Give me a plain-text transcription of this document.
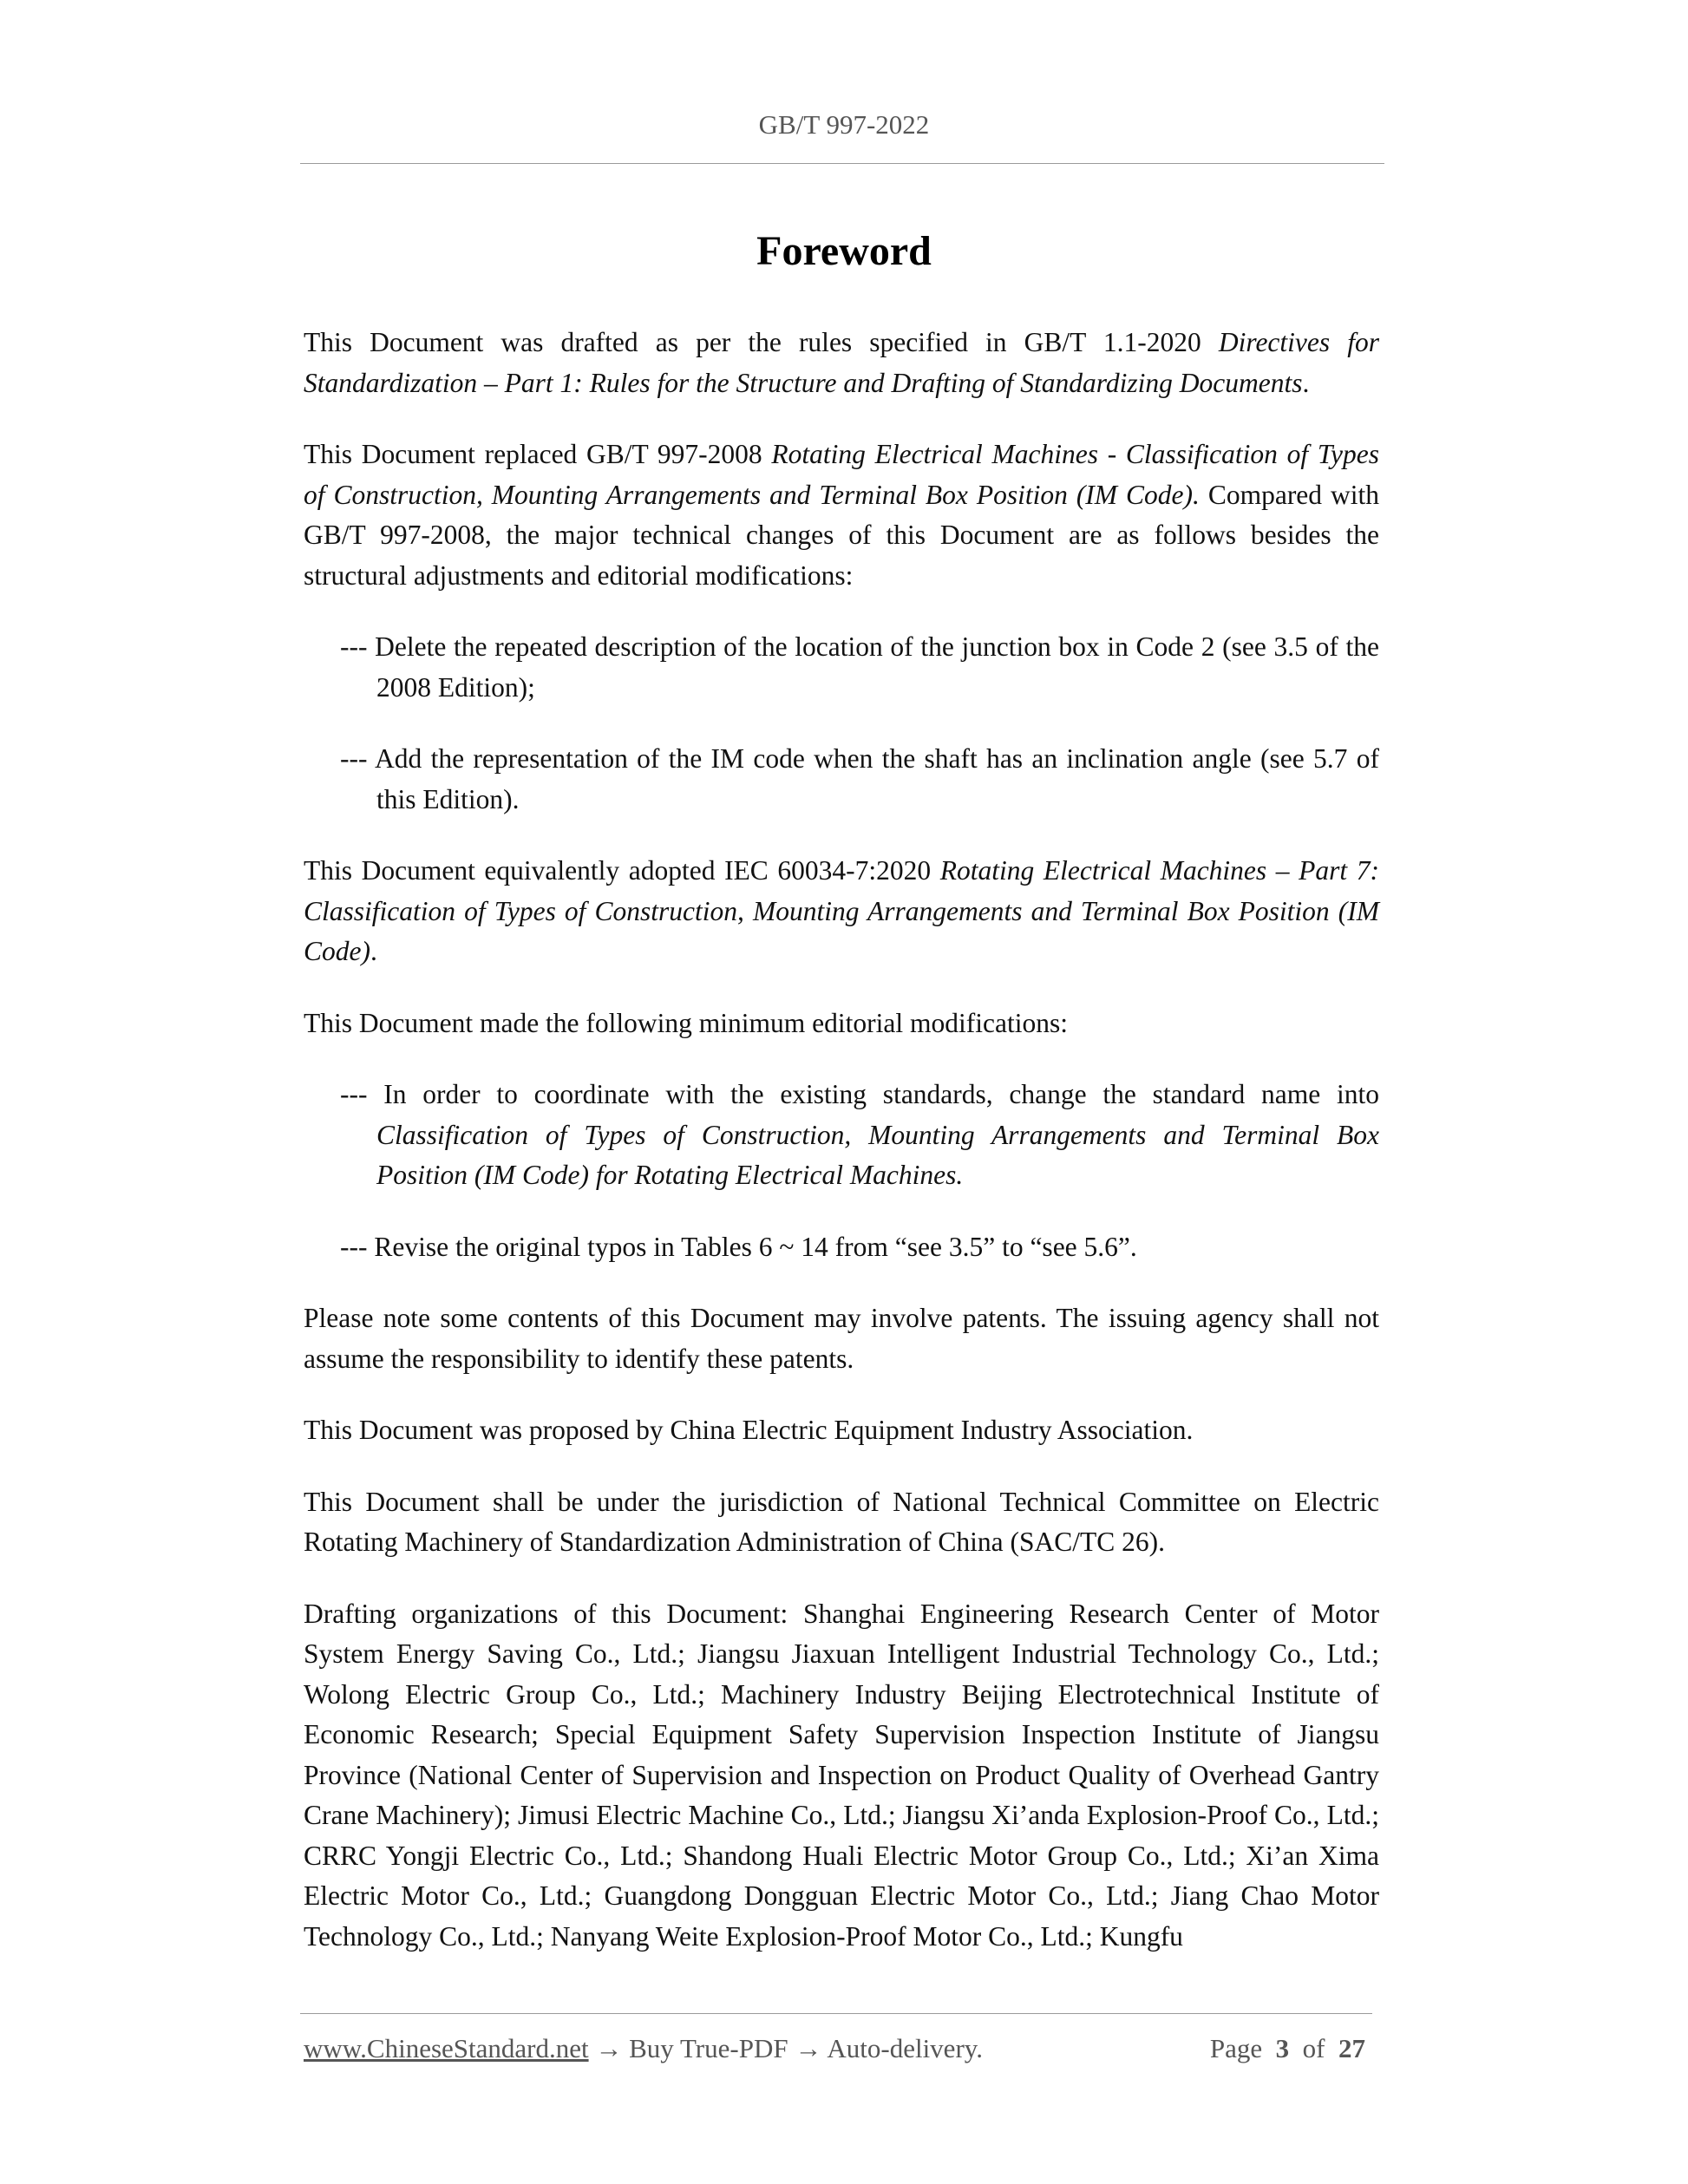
GB/T 997-2022
Foreword

This Document was drafted as per the rules specified in GB/T 1.1-2020 Directives for Standardization – Part 1: Rules for the Structure and Drafting of Standardizing Documents.

This Document replaced GB/T 997-2008 Rotating Electrical Machines - Classification of Types of Construction, Mounting Arrangements and Terminal Box Position (IM Code). Compared with GB/T 997-2008, the major technical changes of this Document are as follows besides the structural adjustments and editorial modifications:

--- Delete the repeated description of the location of the junction box in Code 2 (see 3.5 of the 2008 Edition);

--- Add the representation of the IM code when the shaft has an inclination angle (see 5.7 of this Edition).

This Document equivalently adopted IEC 60034-7:2020 Rotating Electrical Machines – Part 7: Classification of Types of Construction, Mounting Arrangements and Terminal Box Position (IM Code).

This Document made the following minimum editorial modifications:

--- In order to coordinate with the existing standards, change the standard name into Classification of Types of Construction, Mounting Arrangements and Terminal Box Position (IM Code) for Rotating Electrical Machines.

--- Revise the original typos in Tables 6 ~ 14 from “see 3.5” to “see 5.6”.

Please note some contents of this Document may involve patents. The issuing agency shall not assume the responsibility to identify these patents.

This Document was proposed by China Electric Equipment Industry Association.

This Document shall be under the jurisdiction of National Technical Committee on Electric Rotating Machinery of Standardization Administration of China (SAC/TC 26).

Drafting organizations of this Document: Shanghai Engineering Research Center of Motor System Energy Saving Co., Ltd.; Jiangsu Jiaxuan Intelligent Industrial Technology Co., Ltd.; Wolong Electric Group Co., Ltd.; Machinery Industry Beijing Electrotechnical Institute of Economic Research; Special Equipment Safety Supervision Inspection Institute of Jiangsu Province (National Center of Supervision and Inspection on Product Quality of Overhead Gantry Crane Machinery); Jimusi Electric Machine Co., Ltd.; Jiangsu Xi’anda Explosion-Proof Co., Ltd.; CRRC Yongji Electric Co., Ltd.; Shandong Huali Electric Motor Group Co., Ltd.; Xi’an Xima Electric Motor Co., Ltd.; Guangdong Dongguan Electric Motor Co., Ltd.; Jiang Chao Motor Technology Co., Ltd.; Nanyang Weite Explosion-Proof Motor Co., Ltd.; Kungfu

www.ChineseStandard.net → Buy True-PDF → Auto-delivery.	Page 3 of 27
